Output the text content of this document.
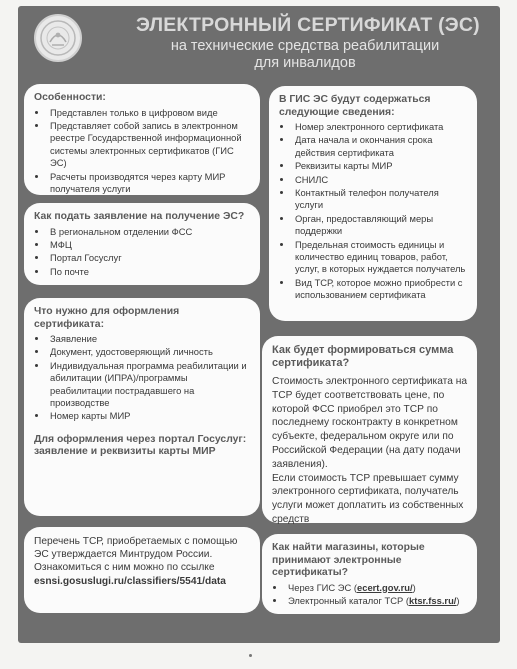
ЭЛЕКТРОННЫЙ СЕРТИФИКАТ (ЭС)
на технические средства реабилитации
для инвалидов
Особенности:
• Представлен только в цифровом виде
• Представляет собой запись в электронном реестре Государственной информационной системы электронных сертификатов (ГИС ЭС)
• Расчеты производятся через карту МИР получателя услуги
В ГИС ЭС будут содержаться следующие сведения:
• Номер электронного сертификата
• Дата начала и окончания срока действия сертификата
• Реквизиты карты МИР
• СНИЛС
• Контактный телефон получателя услуги
• Орган, предоставляющий меры поддержки
• Предельная стоимость единицы и количество единиц товаров, работ, услуг, в которых нуждается получатель
• Вид ТСР, которое можно приобрести с использованием сертификата
Как подать заявление на получение ЭС?
• В региональном отделении ФСС
• МФЦ
• Портал Госуслуг
• По почте
Что нужно для оформления сертификата:
• Заявление
• Документ, удостоверяющий личность
• Индивидуальная программа реабилитации и абилитации (ИПРА)/программы реабилитации пострадавшего на производстве
• Номер карты МИР
Для оформления через портал Госуслуг: заявление и реквизиты карты МИР
Как будет формироваться сумма сертификата?

Стоимость электронного сертификата на ТСР будет соответствовать цене, по которой ФСС приобрел это ТСР по последнему госконтракту в конкретном субъекте, федеральном округе или по Российской Федерации (на дату подачи заявления).

Если стоимость ТСР превышает сумму электронного сертификата, получатель услуги может доплатить из собственных средств

Перечень ТСР, приобретаемых с помощью ЭС утверждается Минтрудом России. Ознакомиться с ним можно по ссылке

esnsi.gosuslugi.ru/classifiers/5541/data
Как найти магазины, которые принимают электронные сертификаты?
• Через ГИС ЭС (ecert.gov.ru/)
• Электронный каталог ТСР (ktsr.fss.ru/)
